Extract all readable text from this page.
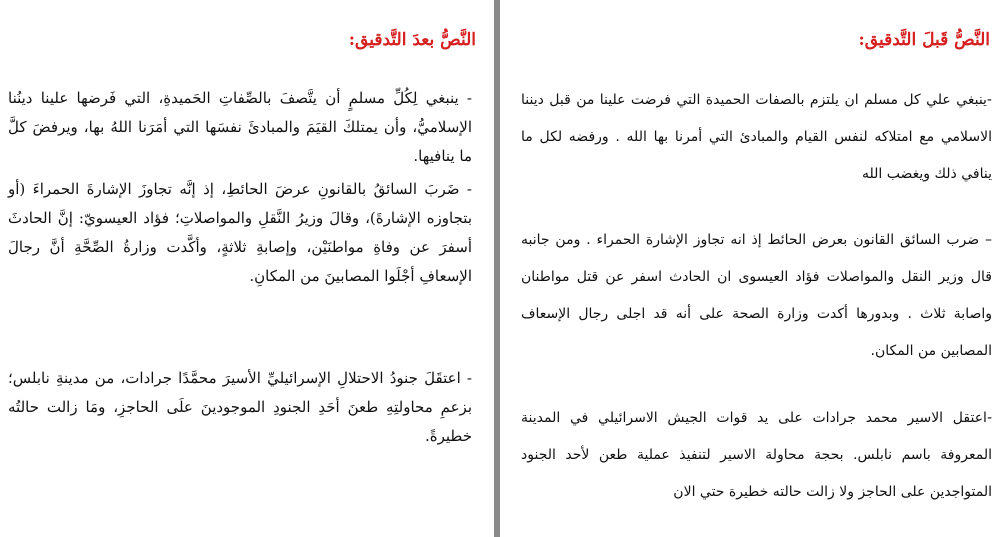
النَّصُّ بعدَ التَّدقيق:

- ينبغي لِكُلِّ مسلمٍ أن يتَّصفَ بالصِّفاتِ الحَميدةِ، التي فَرضها علينا دينُنا الإسلاميُّ، وأن يمتلكَ القيَمَ والمبادئَ نفسَها التي أمَرَنا اللهُ بها، ويرفضَ كلَّ ما ينافيها.

- ضَربَ السائقُ بالقانونِ عرضَ الحائطِ، إذ إنَّه تجاوزَ الإشارةَ الحمراءَ (أو بتجاوزه الإشارةَ)، وقالَ وزيرُ النَّقلِ والمواصلاتِ؛ فؤاد العيسويّ: إنَّ الحادثَ أسفرَ عن وفاةِ مواطنَيْن، وإصابةِ ثلاثةٍ، وأكَّدت وزارةُ الصِّحَّةِ أنَّ رجالَ الإسعافِ أجْلَوا المصابينَ من المكانِ.

- اعتقَلَ جنودُ الاحتلالِ الإسرائيليِّ الأسيرَ محمَّدًا جرادات، من مدينةِ نابلس؛ بزعمِ محاولتِهِ طعنَ أحَدِ الجنودِ الموجودينَ علَى الحاجزِ، ومَا زالت حالتُه خطيرةً.

النَّصُّ قَبلَ التَّدقيق:

-ينبغي علي كل مسلم ان يلتزم بالصفات الحميدة التي فرضت علينا من قبل ديننا الاسلامي مع امتلاكه لنفس القيام والمبادئ التي أمرنا بها الله . ورفضه لكل ما ينافي ذلك ويغضب الله

– ضرب السائق القانون بعرض الحائط إذ انه تجاوز الإشارة الحمراء . ومن جانبه قال وزير النقل والمواصلات فؤاد العيسوى ان الحادث اسفر عن قتل مواطنان واصابة ثلاث . وبدورها أكدت وزارة الصحة على أنه قد اجلى رجال الإسعاف المصابين من المكان.

-اعتقل الاسير محمد جرادات على يد قوات الجيش الاسرائيلي في المدينة المعروفة باسم نابلس. بحجة محاولة الاسير لتنفيذ عملية طعن لأحد الجنود المتواجدين على الحاجز ولا زالت حالته خطيرة حتي الان
